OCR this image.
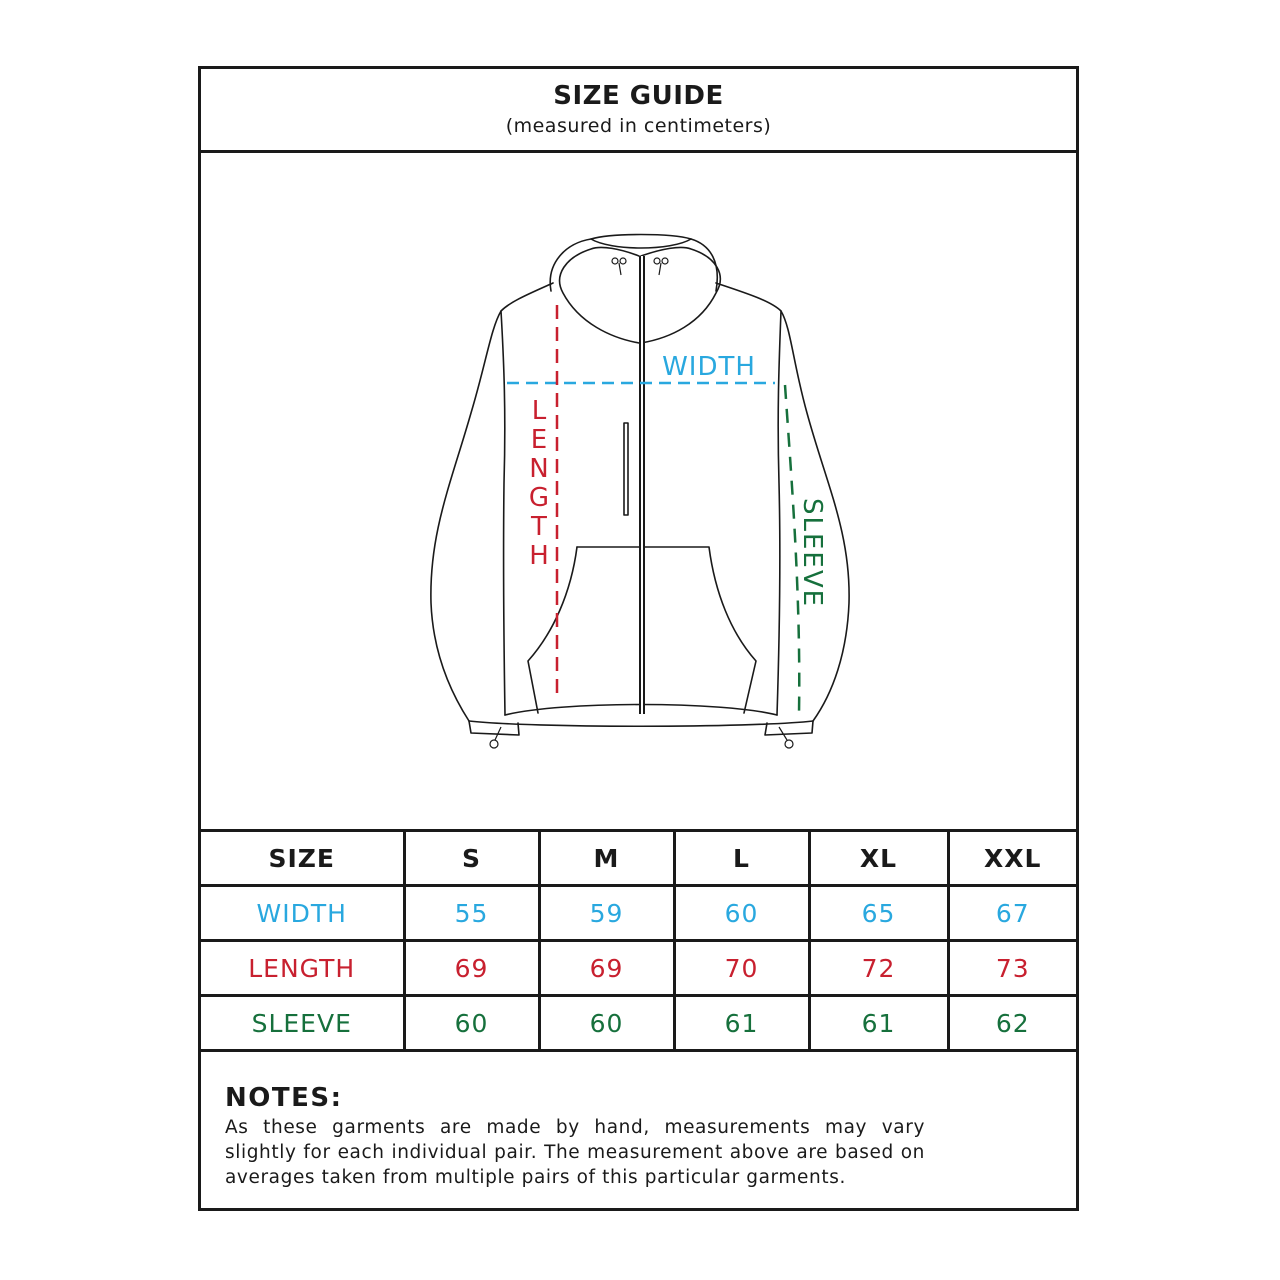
SIZE GUIDE
(measured in centimeters)
WIDTH
L E N G T H	SLEEVE
SIZE	S	M	L	XL	XXL
WIDTH	55	59	60	65	67
LENGTH	69	69	70	72	73
SLEEVE	60	60	61	61	62

NOTES:

As these garments are made by hand, measurements may vary slightly for each individual pair. The measurement above are based on averages taken from multiple pairs of this particular garments.
